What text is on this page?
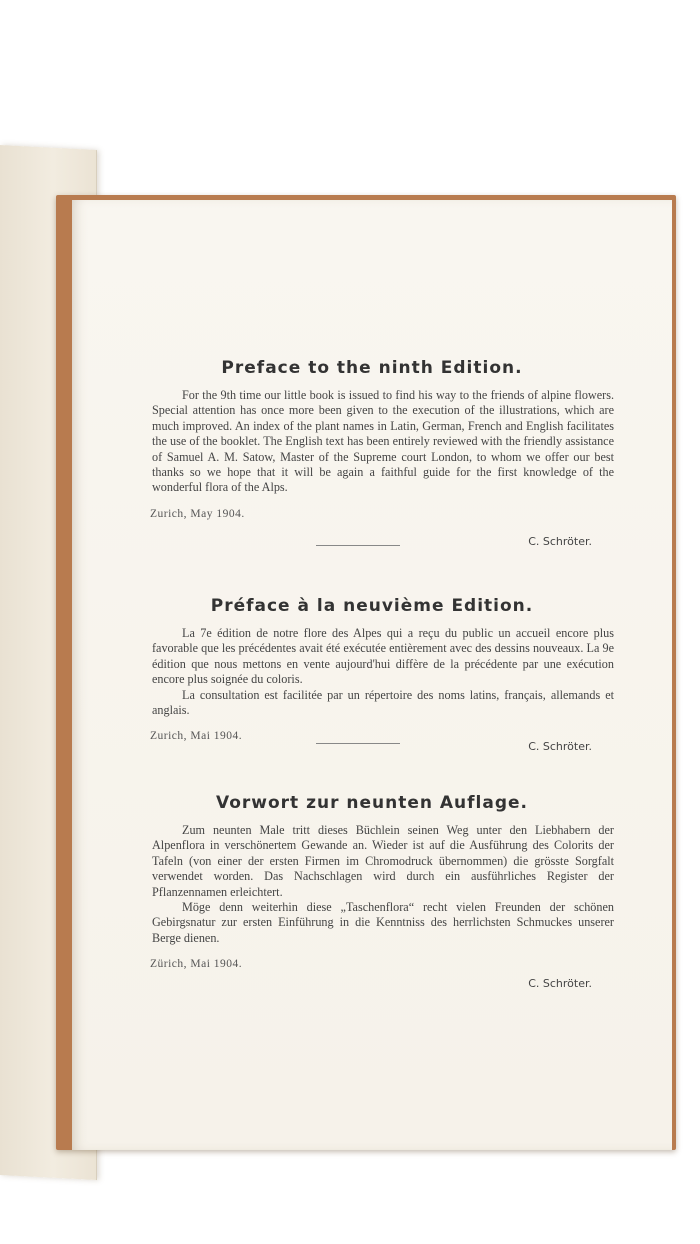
Preface to the ninth Edition.

For the 9th time our little book is issued to find his way to the friends of alpine flowers. Special attention has once more been given to the execution of the illustrations, which are much improved. An index of the plant names in Latin, German, French and English facilitates the use of the booklet. The English text has been entirely reviewed with the friendly assistance of Samuel A. M. Satow, Master of the Supreme court London, to whom we offer our best thanks so we hope that it will be again a faithful guide for the first knowledge of the wonderful flora of the Alps.

Zurich, May 1904.

C. Schröter.
Préface à la neuvième Edition.

La 7e édition de notre flore des Alpes qui a reçu du public un accueil encore plus favorable que les précédentes avait été exécutée entièrement avec des dessins nouveaux. La 9e édition que nous mettons en vente aujourd'hui diffère de la précédente par une exécution encore plus soignée du coloris.

La consultation est facilitée par un répertoire des noms latins, français, allemands et anglais.

Zurich, Mai 1904.

C. Schröter.
Vorwort zur neunten Auflage.

Zum neunten Male tritt dieses Büchlein seinen Weg unter den Liebhabern der Alpenflora in verschönertem Gewande an. Wieder ist auf die Ausführung des Colorits der Tafeln (von einer der ersten Firmen im Chromodruck übernommen) die grösste Sorgfalt verwendet worden. Das Nachschlagen wird durch ein ausführliches Register der Pflanzennamen erleichtert.

Möge denn weiterhin diese „Taschenflora“ recht vielen Freunden der schönen Gebirgsnatur zur ersten Einführung in die Kenntniss des herrlichsten Schmuckes unserer Berge dienen.

Zürich, Mai 1904.

C. Schröter.
